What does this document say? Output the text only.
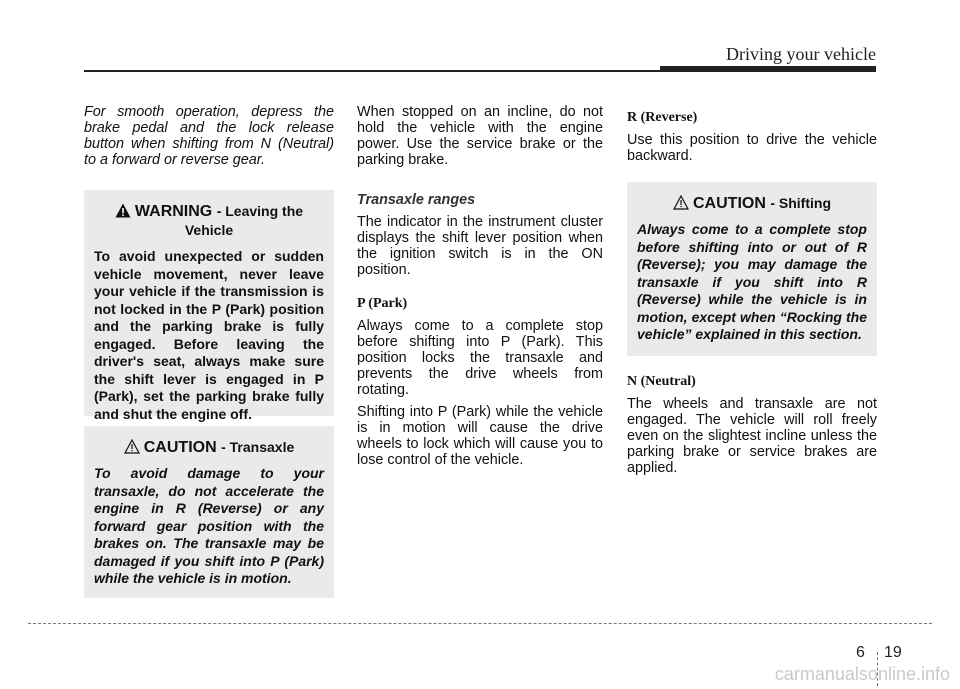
Driving your vehicle

For smooth operation, depress the brake pedal and the lock release button when shifting from N (Neutral) to a forward or reverse gear.

WARNING - Leaving the Vehicle

To avoid unexpected or sudden vehicle movement, never leave your vehicle if the transmission is not locked in the P (Park) position and the parking brake is fully engaged. Before leaving the driver's seat, always make sure the shift lever is engaged in P (Park), set the parking brake fully and shut the engine off.

CAUTION - Transaxle

To avoid damage to your transaxle, do not accelerate the engine in R (Reverse) or any forward gear position with the brakes on. The transaxle may be damaged if you shift into P (Park) while the vehicle is in motion.

When stopped on an incline, do not hold the vehicle with the engine power. Use the service brake or the parking brake.

Transaxle ranges

The indicator in the instrument cluster displays the shift lever position when the ignition switch is in the ON position.

P (Park)

Always come to a complete stop before shifting into P (Park). This position locks the transaxle and prevents the drive wheels from rotating.

Shifting into P (Park) while the vehicle is in motion will cause the drive wheels to lock which will cause you to lose control of the vehicle.

R (Reverse)

Use this position to drive the vehicle backward.

CAUTION - Shifting

Always come to a complete stop before shifting into or out of R (Reverse); you may damage the transaxle if you shift into R (Reverse) while the vehicle is in motion, except when “Rocking the vehicle” explained in this section.

N (Neutral)

The wheels and transaxle are not engaged. The vehicle will roll freely even on the slightest incline unless the parking brake or service brakes are applied.

6 19
carmanualsonline.info
